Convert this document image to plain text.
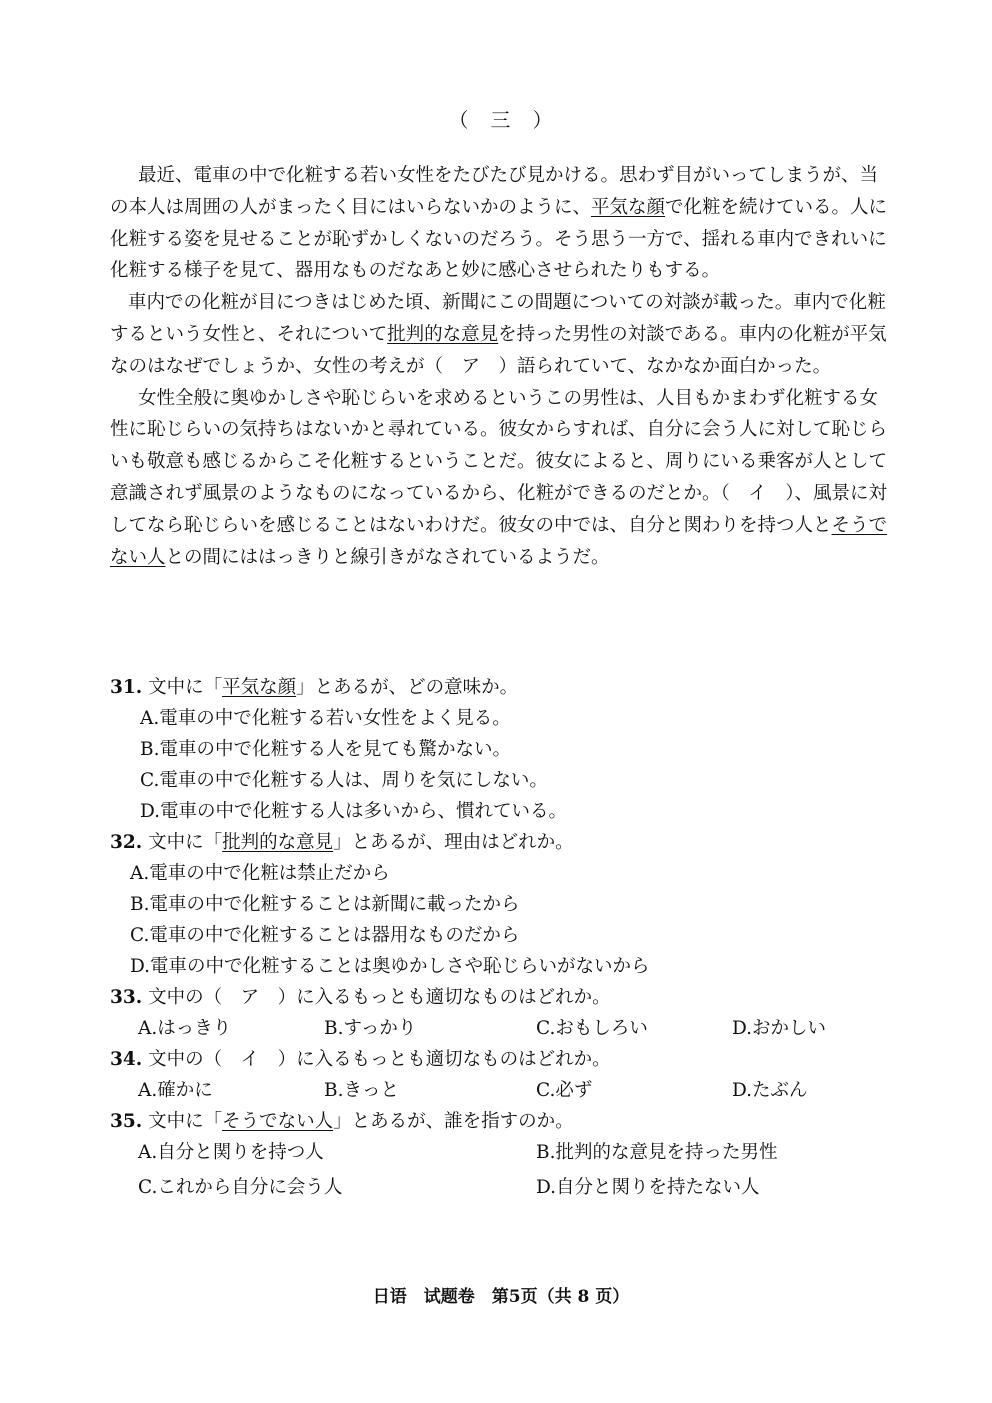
（　三　）

最近、電車の中で化粧する若い女性をたびたび見かける。思わず目がいってしまうが、当の本人は周囲の人がまったく目にはいらないかのように、平気な顔で化粧を続けている。人に化粧する姿を見せることが恥ずかしくないのだろう。そう思う一方で、揺れる車内できれいに化粧する様子を見て、器用なものだなあと妙に感心させられたりもする。

車内での化粧が目につきはじめた頃、新聞にこの間題についての対談が載った。車内で化粧するという女性と、それについて批判的な意見を持った男性の対談である。車内の化粧が平気なのはなぜでしょうか、女性の考えが（　ア　）語られていて、なかなか面白かった。

女性全般に奥ゆかしさや恥じらいを求めるというこの男性は、人目もかまわず化粧する女性に恥じらいの気持ちはないかと尋れている。彼女からすれば、自分に会う人に対して恥じらいも敬意も感じるからこそ化粧するということだ。彼女によると、周りにいる乗客が人として意識されず風景のようなものになっているから、化粧ができるのだとか。（　イ　）、風景に対してなら恥じらいを感じることはないわけだ。彼女の中では、自分と関わりを持つ人とそうでない人との間にははっきりと線引きがなされているようだ。

31. 文中に「平気な顔」とあるが、どの意味か。

A.電車の中で化粧する若い女性をよく見る。

B.電車の中で化粧する人を見ても驚かない。

C.電車の中で化粧する人は、周りを気にしない。

D.電車の中で化粧する人は多いから、慣れている。

32. 文中に「批判的な意見」とあるが、理由はどれか。

A.電車の中で化粧は禁止だから

B.電車の中で化粧することは新聞に載ったから

C.電車の中で化粧することは器用なものだから

D.電車の中で化粧することは奥ゆかしさや恥じらいがないから

33. 文中の（　ア　）に入るもっとも適切なものはどれか。

A.はっきり	B.すっかり	C.おもしろい	D.おかしい

34. 文中の（　イ　）に入るもっとも適切なものはどれか。

A.確かに	B.きっと	C.必ず	D.たぶん

35. 文中に「そうでない人」とあるが、誰を指すのか。

A.自分と関りを持つ人	B.批判的な意見を持った男性
C.これから自分に会う人	D.自分と関りを持たない人
日语　试题卷　第5页（共 8 页）
